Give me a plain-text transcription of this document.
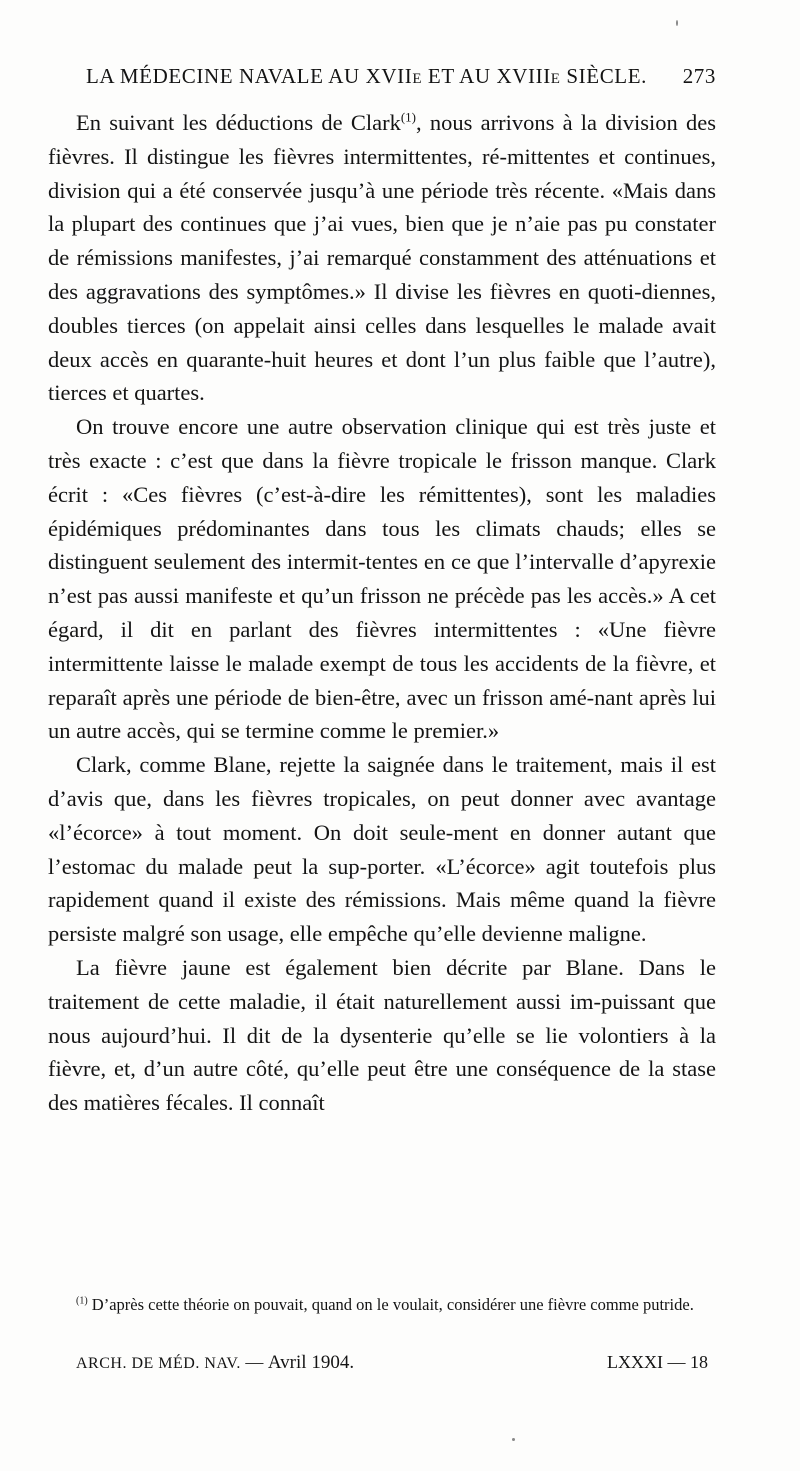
LA MÉDECINE NAVALE AU XVIIe ET AU XVIIIe SIÈCLE. 273

En suivant les déductions de Clark$^{(1)}$, nous arrivons à la division des fièvres. Il distingue les fièvres intermittentes, ré-mittentes et continues, division qui a été conservée jusqu’à une période très récente. «Mais dans la plupart des continues que j’ai vues, bien que je n’aie pas pu constater de rémissions manifestes, j’ai remarqué constamment des atténuations et des aggravations des symptômes.» Il divise les fièvres en quoti-diennes, doubles tierces (on appelait ainsi celles dans lesquelles le malade avait deux accès en quarante-huit heures et dont l’un plus faible que l’autre), tierces et quartes.

On trouve encore une autre observation clinique qui est très juste et très exacte : c’est que dans la fièvre tropicale le frisson manque. Clark écrit : «Ces fièvres (c’est-à-dire les rémittentes), sont les maladies épidémiques prédominantes dans tous les climats chauds; elles se distinguent seulement des intermit-tentes en ce que l’intervalle d’apyrexie n’est pas aussi manifeste et qu’un frisson ne précède pas les accès.» A cet égard, il dit en parlant des fièvres intermittentes : «Une fièvre intermittente laisse le malade exempt de tous les accidents de la fièvre, et reparaît après une période de bien-être, avec un frisson amé-nant après lui un autre accès, qui se termine comme le premier.»

Clark, comme Blane, rejette la saignée dans le traitement, mais il est d’avis que, dans les fièvres tropicales, on peut donner avec avantage «l’écorce» à tout moment. On doit seule-ment en donner autant que l’estomac du malade peut la sup-porter. «L’écorce» agit toutefois plus rapidement quand il existe des rémissions. Mais même quand la fièvre persiste malgré son usage, elle empêche qu’elle devienne maligne.

La fièvre jaune est également bien décrite par Blane. Dans le traitement de cette maladie, il était naturellement aussi im-puissant que nous aujourd’hui. Il dit de la dysenterie qu’elle se lie volontiers à la fièvre, et, d’un autre côté, qu’elle peut être une conséquence de la stase des matières fécales. Il connaît

$^{(1)}$ D’après cette théorie on pouvait, quand on le voulait, considérer une fièvre comme putride.
ARCH. DE MÉD. NAV. — Avril 1904.	LXXXI — 18
